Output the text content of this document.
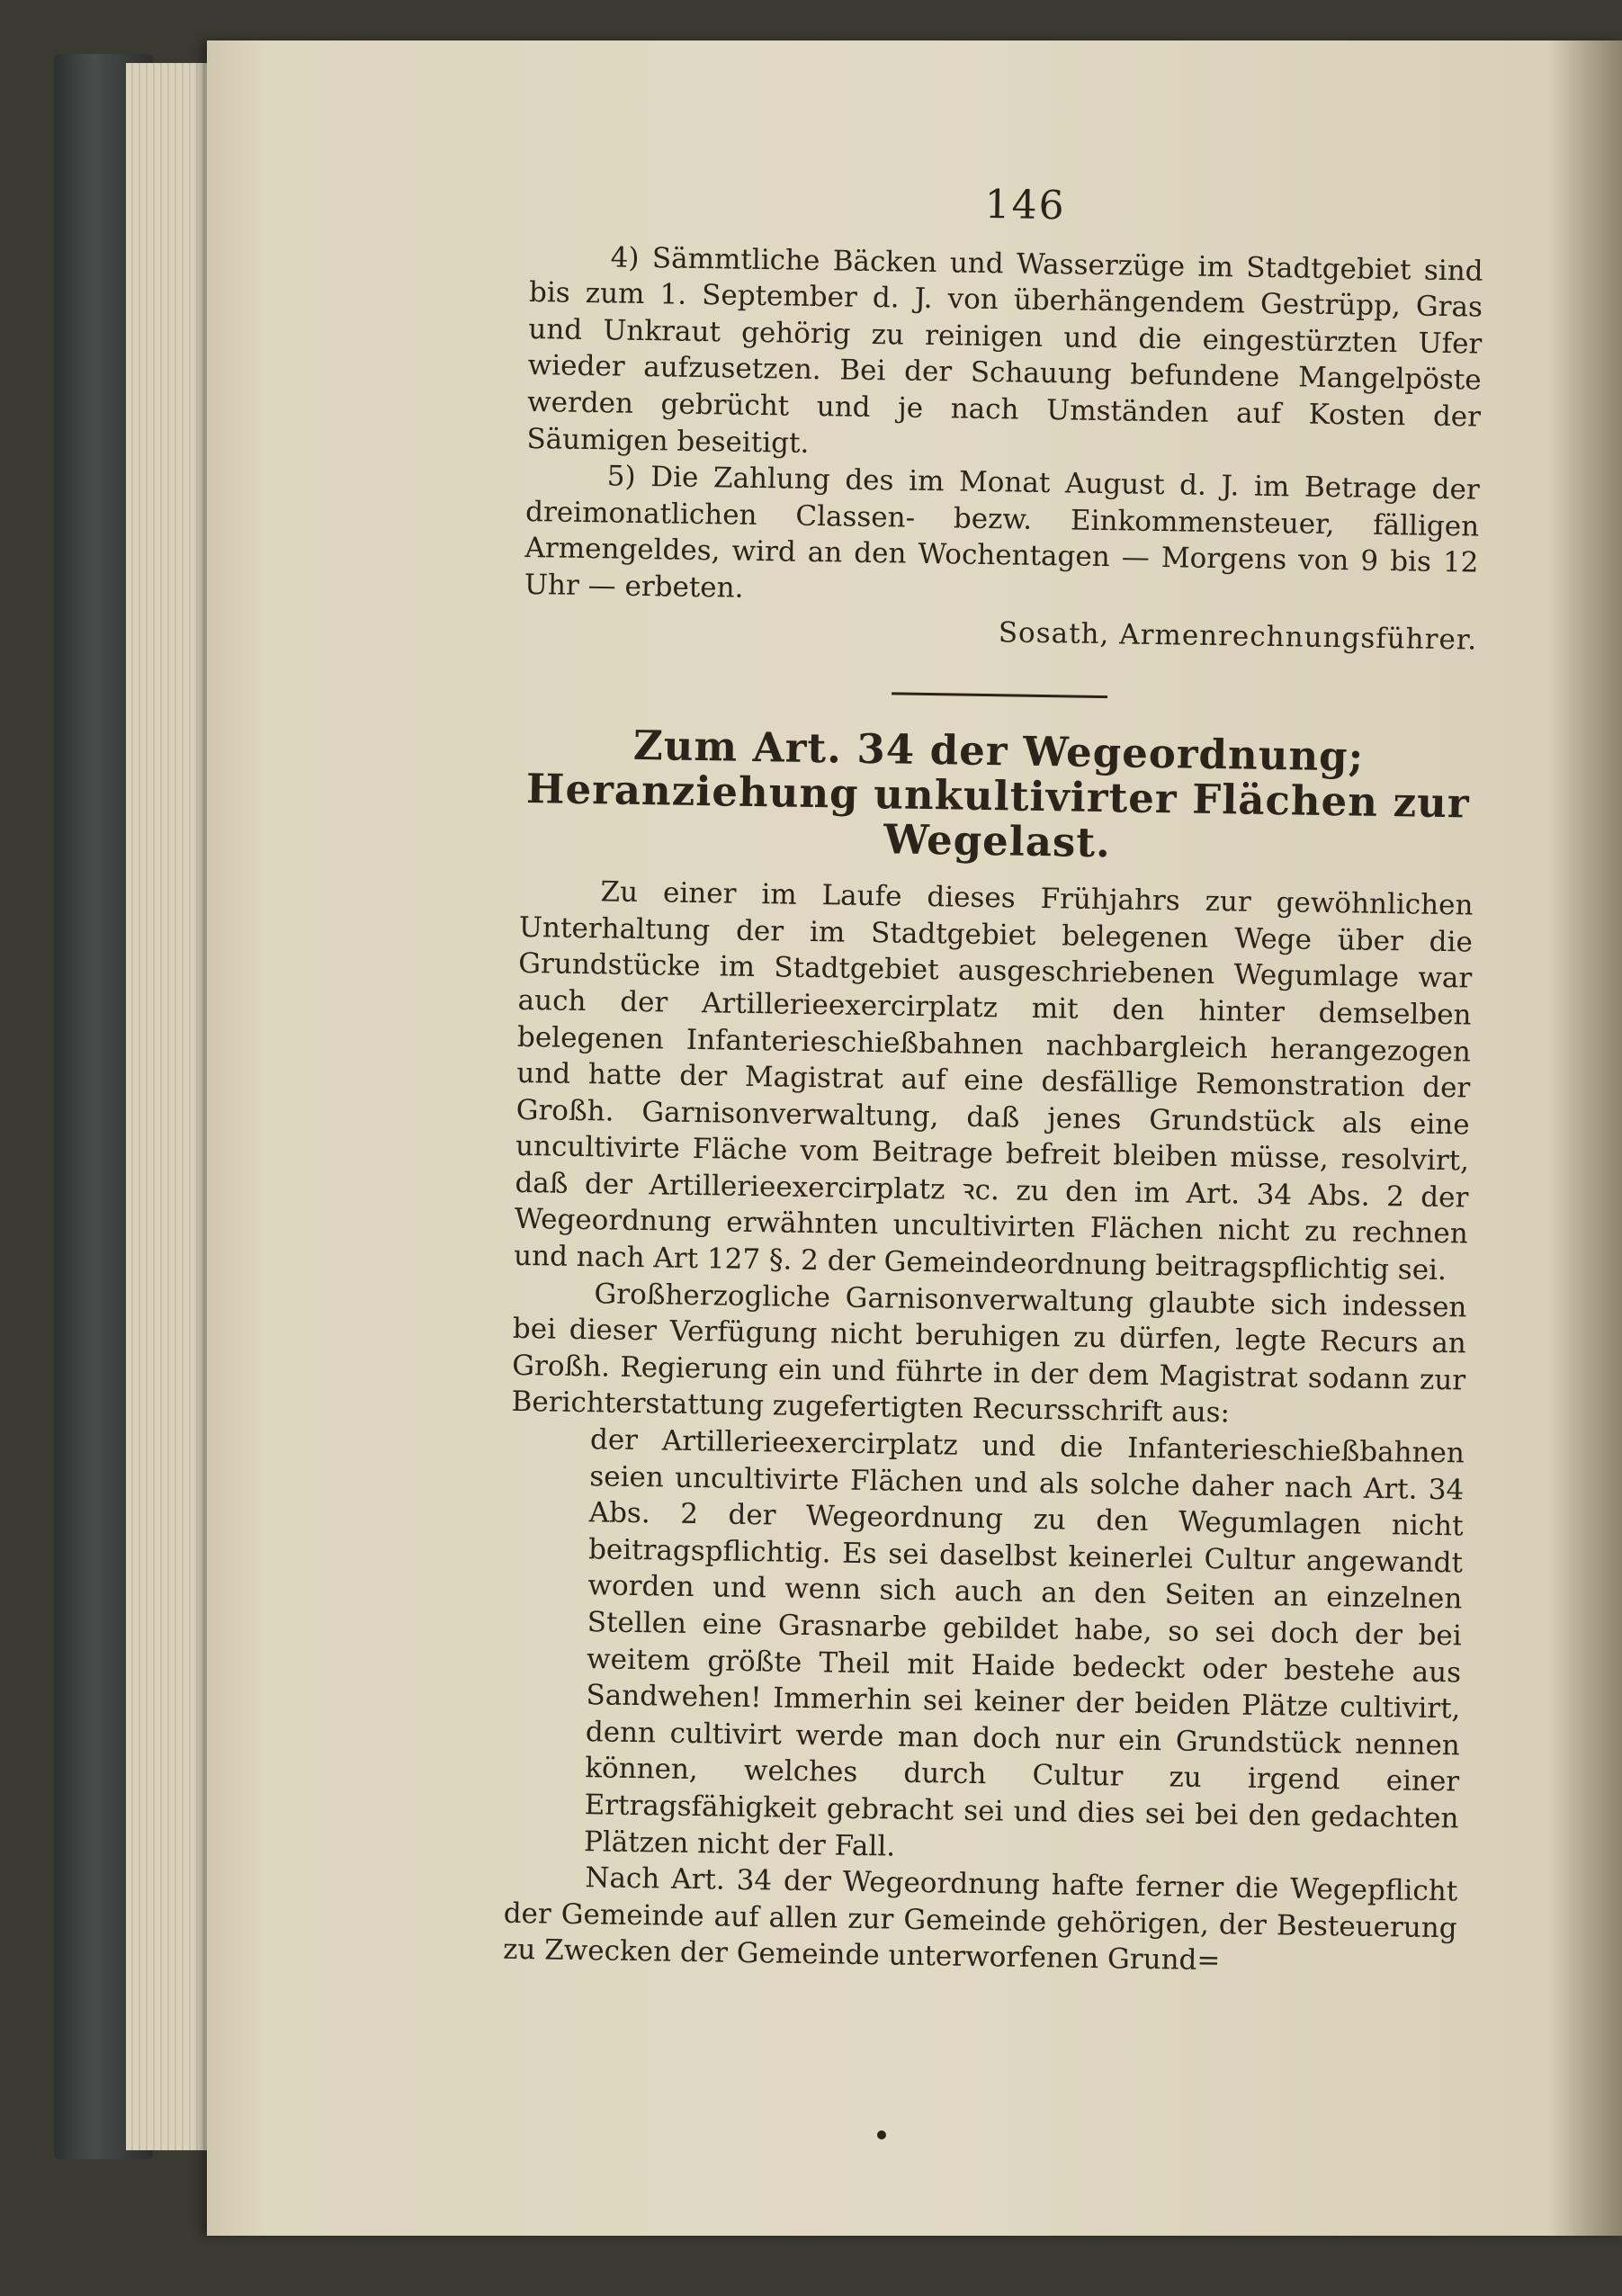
146

4) Sämmtliche Bäcken und Wasserzüge im Stadtgebiet sind bis zum 1. September d. J. von überhängendem Gestrüpp, Gras und Unkraut gehörig zu reinigen und die eingestürzten Ufer wieder aufzusetzen. Bei der Schauung befundene Mangelpöste werden gebrücht und je nach Umständen auf Kosten der Säumigen beseitigt.

5) Die Zahlung des im Monat August d. J. im Betrage der dreimonatlichen Classen- bezw. Einkommensteuer, fälligen Armengeldes, wird an den Wochentagen — Morgens von 9 bis 12 Uhr — erbeten.

Sosath, Armenrechnungsführer.

Zum Art. 34 der Wegeordnung; Heranziehung unkultivirter Flächen zur Wegelast.

Zu einer im Laufe dieses Frühjahrs zur gewöhnlichen Unterhaltung der im Stadtgebiet belegenen Wege über die Grundstücke im Stadtgebiet ausgeschriebenen Wegumlage war auch der Artillerieexercirplatz mit den hinter demselben belegenen Infanterieschießbahnen nachbargleich herangezogen und hatte der Magistrat auf eine desfällige Remonstration der Großh. Garnisonverwaltung, daß jenes Grundstück als eine uncultivirte Fläche vom Beitrage befreit bleiben müsse, resolvirt, daß der Artillerieexercirplatz ꝛc. zu den im Art. 34 Abs. 2 der Wegeordnung erwähnten uncultivirten Flächen nicht zu rechnen und nach Art 127 §. 2 der Gemeindeordnung beitragspflichtig sei.

Großherzogliche Garnisonverwaltung glaubte sich indessen bei dieser Verfügung nicht beruhigen zu dürfen, legte Recurs an Großh. Regierung ein und führte in der dem Magistrat sodann zur Berichterstattung zugefertigten Recursschrift aus:

der Artillerieexercirplatz und die Infanterieschießbahnen seien uncultivirte Flächen und als solche daher nach Art. 34 Abs. 2 der Wegeordnung zu den Wegumlagen nicht beitragspflichtig. Es sei daselbst keinerlei Cultur angewandt worden und wenn sich auch an den Seiten an einzelnen Stellen eine Grasnarbe gebildet habe, so sei doch der bei weitem größte Theil mit Haide bedeckt oder bestehe aus Sandwehen! Immerhin sei keiner der beiden Plätze cultivirt, denn cultivirt werde man doch nur ein Grundstück nennen können, welches durch Cultur zu irgend einer Ertragsfähigkeit gebracht sei und dies sei bei den gedachten Plätzen nicht der Fall.

Nach Art. 34 der Wegeordnung hafte ferner die Wegepflicht der Gemeinde auf allen zur Gemeinde gehörigen, der Besteuerung zu Zwecken der Gemeinde unterworfenen Grund=
